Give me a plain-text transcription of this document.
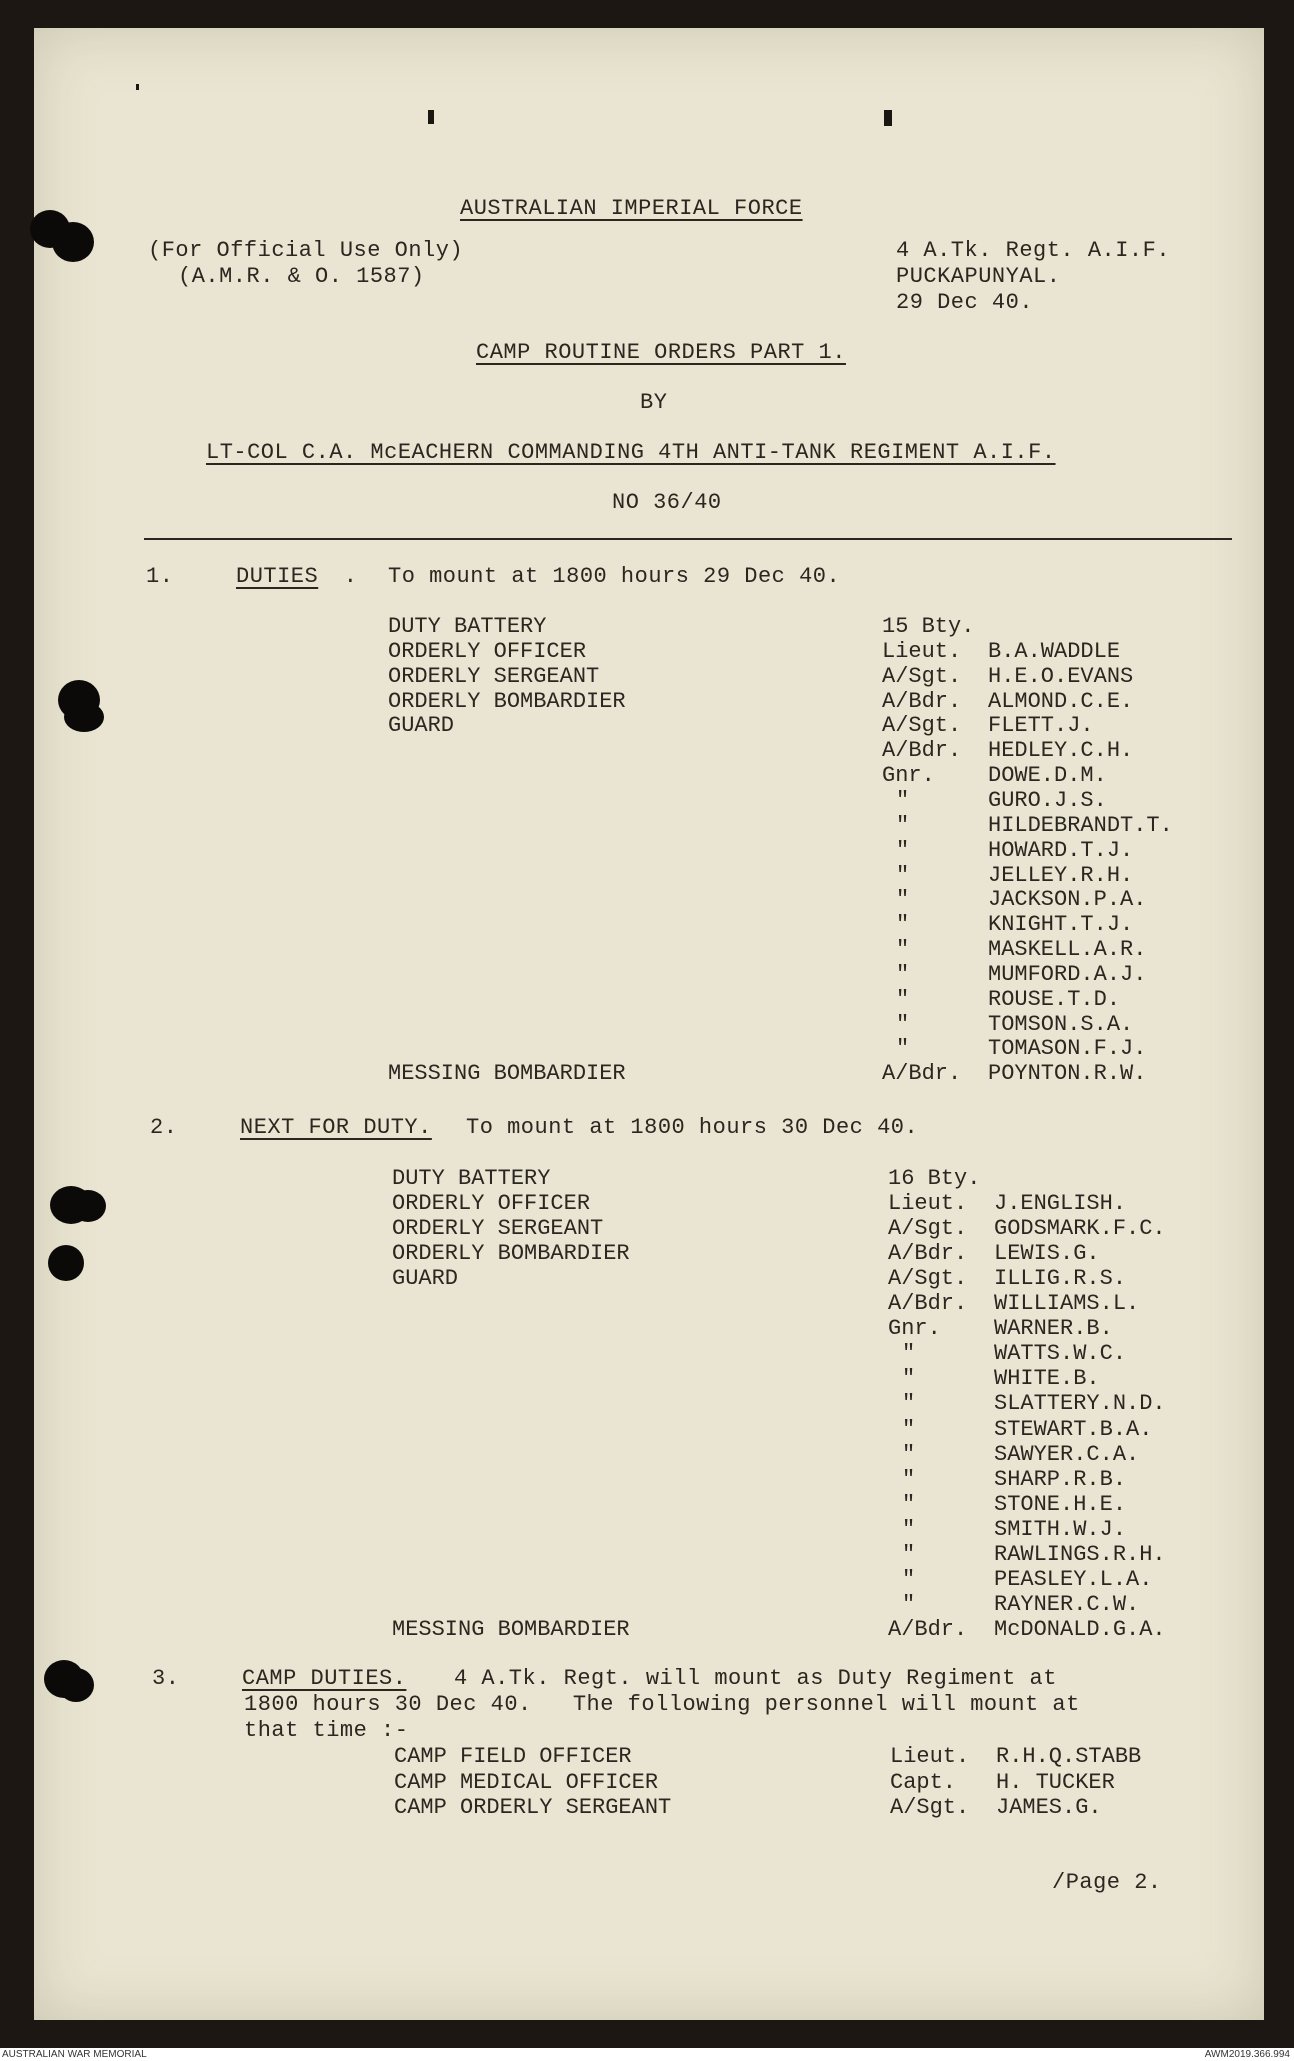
AUSTRALIAN IMPERIAL FORCE
(For Official Use Only)
(A.M.R. & O. 1587)
4 A.Tk. Regt. A.I.F.
PUCKAPUNYAL.
29 Dec 40.
CAMP ROUTINE ORDERS PART 1.
BY
LT-COL C.A. McEACHERN COMMANDING 4TH ANTI-TANK REGIMENT A.I.F.
NO 36/40
1.	DUTIES . To mount at 1800 hours 29 Dec 40.
DUTY BATTERY	15 Bty.
ORDERLY OFFICER	Lieut. B.A.WADDLE
ORDERLY SERGEANT	A/Sgt. H.E.O.EVANS
ORDERLY BOMBARDIER	A/Bdr. ALMOND.C.E.
GUARD	A/Sgt. FLETT.J.
A/Bdr. HEDLEY.C.H.
Gnr. DOWE.D.M.
"	GURO.J.S.
"	HILDEBRANDT.T.
"	HOWARD.T.J.
"	JELLEY.R.H.
"	JACKSON.P.A.
"	KNIGHT.T.J.
"	MASKELL.A.R.
"	MUMFORD.A.J.
"	ROUSE.T.D.
"	TOMSON.S.A.
"	TOMASON.F.J.
MESSING BOMBARDIER	A/Bdr. POYNTON.R.W.
2.	NEXT FOR DUTY. To mount at 1800 hours 30 Dec 40.
DUTY BATTERY	16 Bty.
ORDERLY OFFICER	Lieut. J.ENGLISH.
ORDERLY SERGEANT	A/Sgt. GODSMARK.F.C.
ORDERLY BOMBARDIER	A/Bdr. LEWIS.G.
GUARD	A/Sgt. ILLIG.R.S.
A/Bdr. WILLIAMS.L.
Gnr. WARNER.B.
"	WATTS.W.C.
"	WHITE.B.
"	SLATTERY.N.D.
"	STEWART.B.A.
"	SAWYER.C.A.
"	SHARP.R.B.
"	STONE.H.E.
"	SMITH.W.J.
"	RAWLINGS.R.H.
"	PEASLEY.L.A.
"	RAYNER.C.W.
MESSING BOMBARDIER	A/Bdr. McDONALD.G.A.
3.	CAMP DUTIES. 4 A.Tk. Regt. will mount as Duty Regiment at
1800 hours 30 Dec 40.   The following personnel will mount at
that time :-
CAMP FIELD OFFICER	Lieut. R.H.Q.STABB
CAMP MEDICAL OFFICER	Capt. H. TUCKER
CAMP ORDERLY SERGEANT	A/Sgt. JAMES.G.
/Page 2.
AUSTRALIAN WAR MEMORIAL	AWM2019.366.994
